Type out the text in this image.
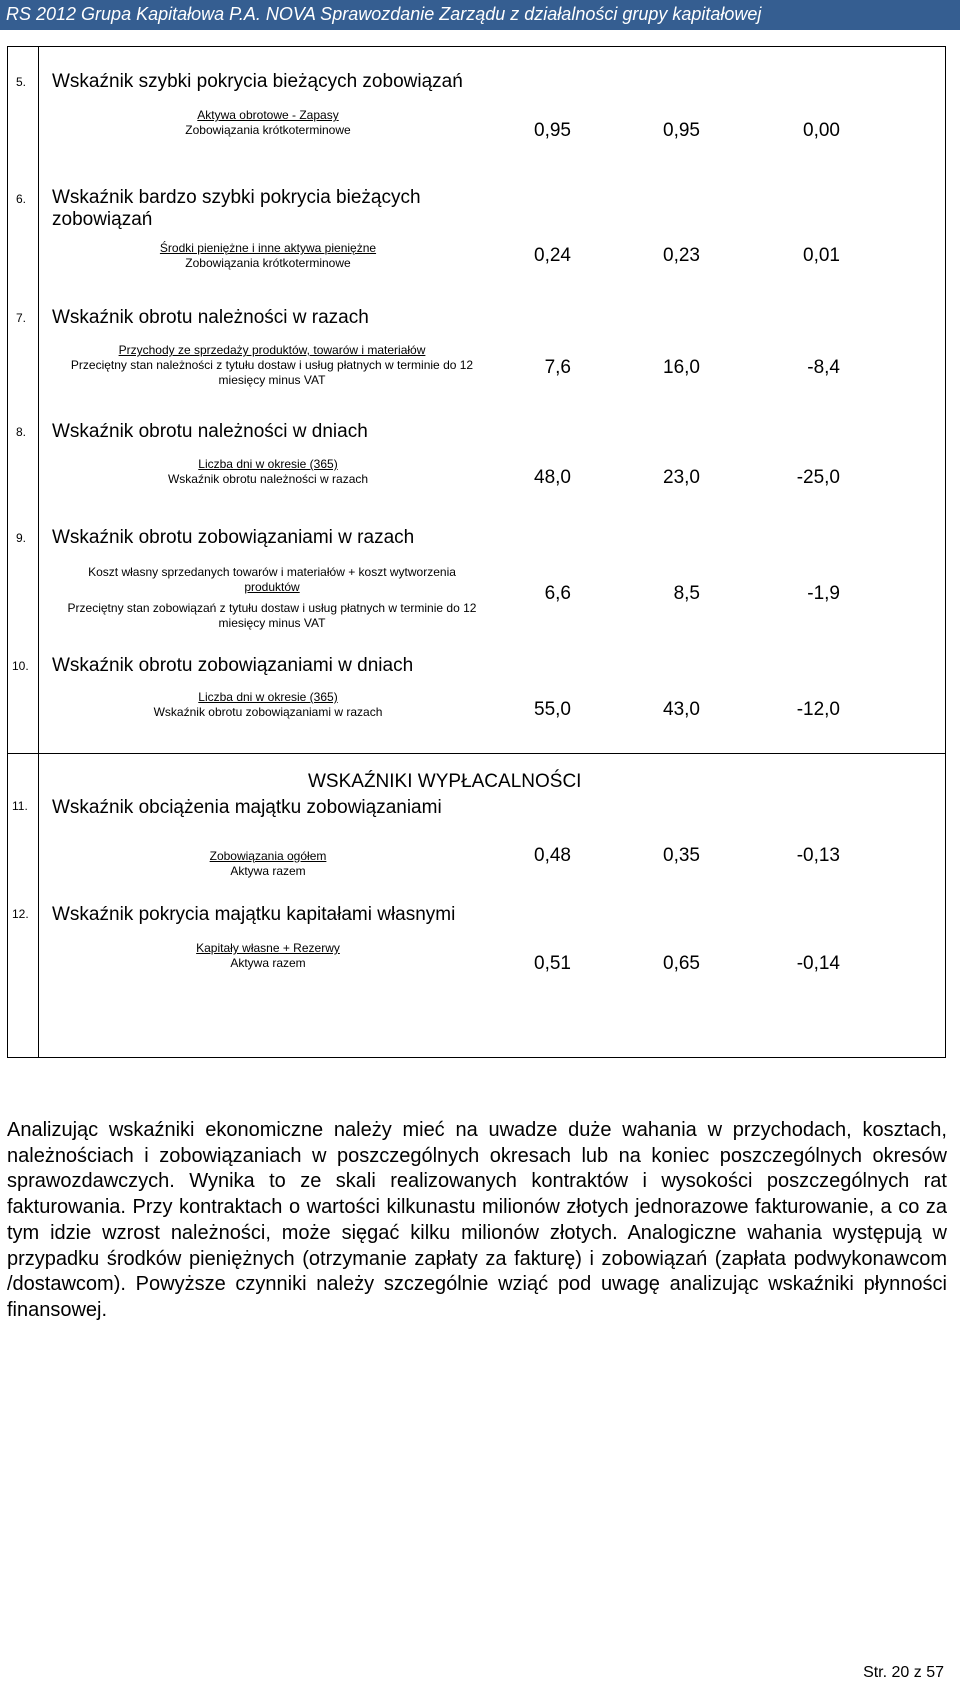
RS 2012 Grupa Kapitałowa P.A. NOVA Sprawozdanie Zarządu z działalności grupy kapitałowej
5. Wskaźnik szybki pokrycia bieżących zobowiązań
Aktywa obrotowe - Zapasy
Zobowiązania krótkoterminowe	0,95	0,95	0,00
6. Wskaźnik bardzo szybki pokrycia bieżących
zobowiązań
Środki pieniężne i inne aktywa pieniężne
Zobowiązania krótkoterminowe	0,24	0,23	0,01
7. Wskaźnik obrotu należności w razach
Przychody ze sprzedaży produktów, towarów i materiałów
Przeciętny stan należności z tytułu dostaw i usług płatnych w terminie do 12
miesięcy minus VAT
7,6	16,0	-8,4
8. Wskaźnik obrotu należności w dniach
Liczba dni w okresie (365)
Wskaźnik obrotu należności w razach	48,0	23,0	-25,0
9. Wskaźnik obrotu zobowiązaniami w razach
Koszt własny sprzedanych towarów i materiałów + koszt wytworzenia
produktów
Przeciętny stan zobowiązań z tytułu dostaw i usług płatnych w terminie do 12
miesięcy minus VAT
6,6	8,5	-1,9
10. Wskaźnik obrotu zobowiązaniami w dniach
Liczba dni w okresie (365)
Wskaźnik obrotu zobowiązaniami w razach	55,0	43,0	-12,0
WSKAŹNIKI WYPŁACALNOŚCI
11. Wskaźnik obciążenia majątku zobowiązaniami
Zobowiązania ogółem
Aktywa razem
0,48	0,35	-0,13
12. Wskaźnik pokrycia majątku kapitałami własnymi
Kapitały własne + Rezerwy
Aktywa razem	0,51	0,65	-0,14

Analizując wskaźniki ekonomiczne należy mieć na uwadze duże wahania w przychodach, kosztach, należnościach i zobowiązaniach w poszczególnych okresach lub na koniec poszczególnych okresów sprawozdawczych. Wynika to ze skali realizowanych kontraktów i wysokości poszczególnych rat fakturowania. Przy kontraktach o wartości kilkunastu milionów złotych jednorazowe fakturowanie, a co za tym idzie wzrost należności, może sięgać kilku milionów złotych. Analogiczne wahania występują w przypadku środków pieniężnych (otrzymanie zapłaty za fakturę) i zobowiązań (zapłata podwykonawcom /dostawcom). Powyższe czynniki należy szczególnie wziąć pod uwagę analizując wskaźniki płynności finansowej.

Str. 20 z 57
